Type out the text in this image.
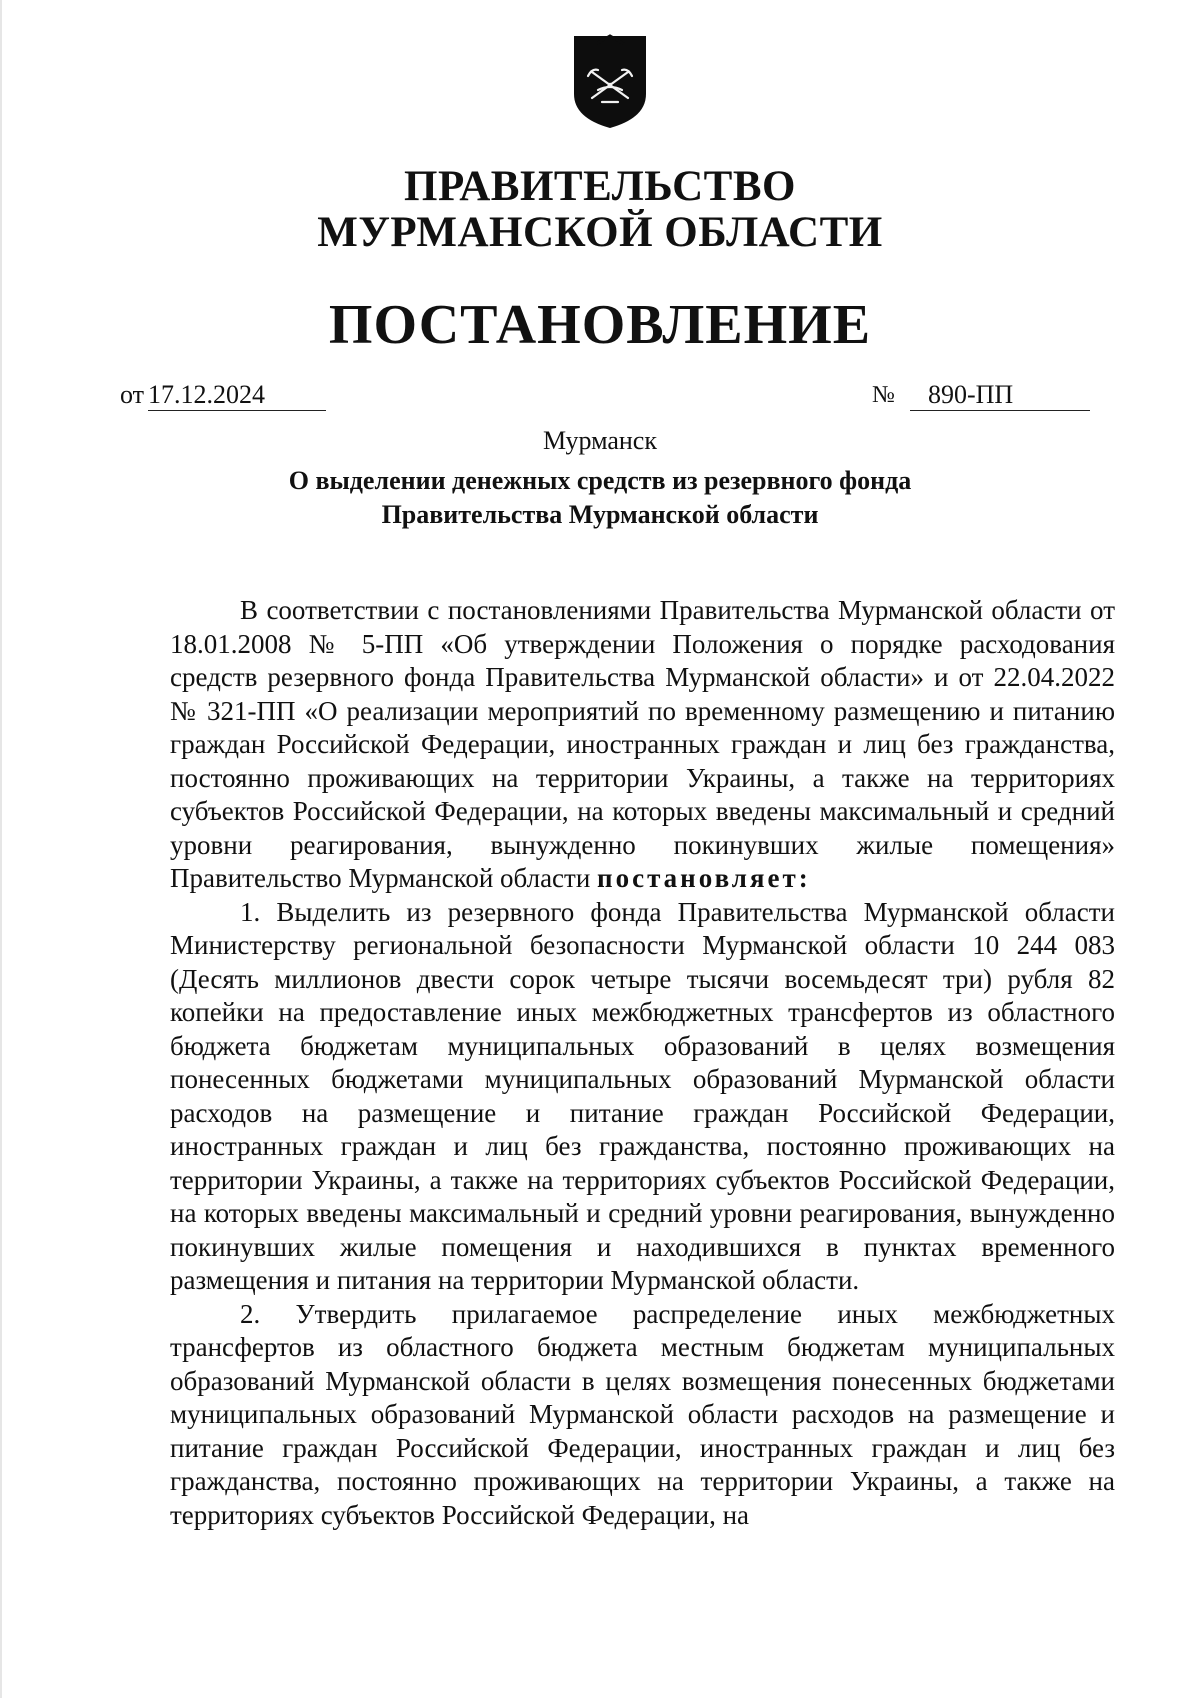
ПРАВИТЕЛЬСТВО
МУРМАНСКОЙ ОБЛАСТИ
ПОСТАНОВЛЕНИЕ
от 17.12.2024	№	890-ПП
Мурманск
О выделении денежных средств из резервного фонда
Правительства Мурманской области

В соответствии с постановлениями Правительства Мурманской области от 18.01.2008 № 5-ПП «Об утверждении Положения о порядке расходования средств резервного фонда Правительства Мурманской области» и от 22.04.2022 № 321-ПП «О реализации мероприятий по временному размещению и питанию граждан Российской Федерации, иностранных граждан и лиц без гражданства, постоянно проживающих на территории Украины, а также на территориях субъектов Российской Федерации, на которых введены максимальный и средний уровни реагирования, вынужденно покинувших жилые помещения» Правительство Мурманской области постановляет:

1. Выделить из резервного фонда Правительства Мурманской области Министерству региональной безопасности Мурманской области 10 244 083 (Десять миллионов двести сорок четыре тысячи восемьдесят три) рубля 82 копейки на предоставление иных межбюджетных трансфертов из областного бюджета бюджетам муниципальных образований в целях возмещения понесенных бюджетами муниципальных образований Мурманской области расходов на размещение и питание граждан Российской Федерации, иностранных граждан и лиц без гражданства, постоянно проживающих на территории Украины, а также на территориях субъектов Российской Федерации, на которых введены максимальный и средний уровни реагирования, вынужденно покинувших жилые помещения и находившихся в пунктах временного размещения и питания на территории Мурманской области.

2. Утвердить прилагаемое распределение иных межбюджетных трансфертов из областного бюджета местным бюджетам муниципальных образований Мурманской области в целях возмещения понесенных бюджетами муниципальных образований Мурманской области расходов на размещение и питание граждан Российской Федерации, иностранных граждан и лиц без гражданства, постоянно проживающих на территории Украины, а также на территориях субъектов Российской Федерации, на
